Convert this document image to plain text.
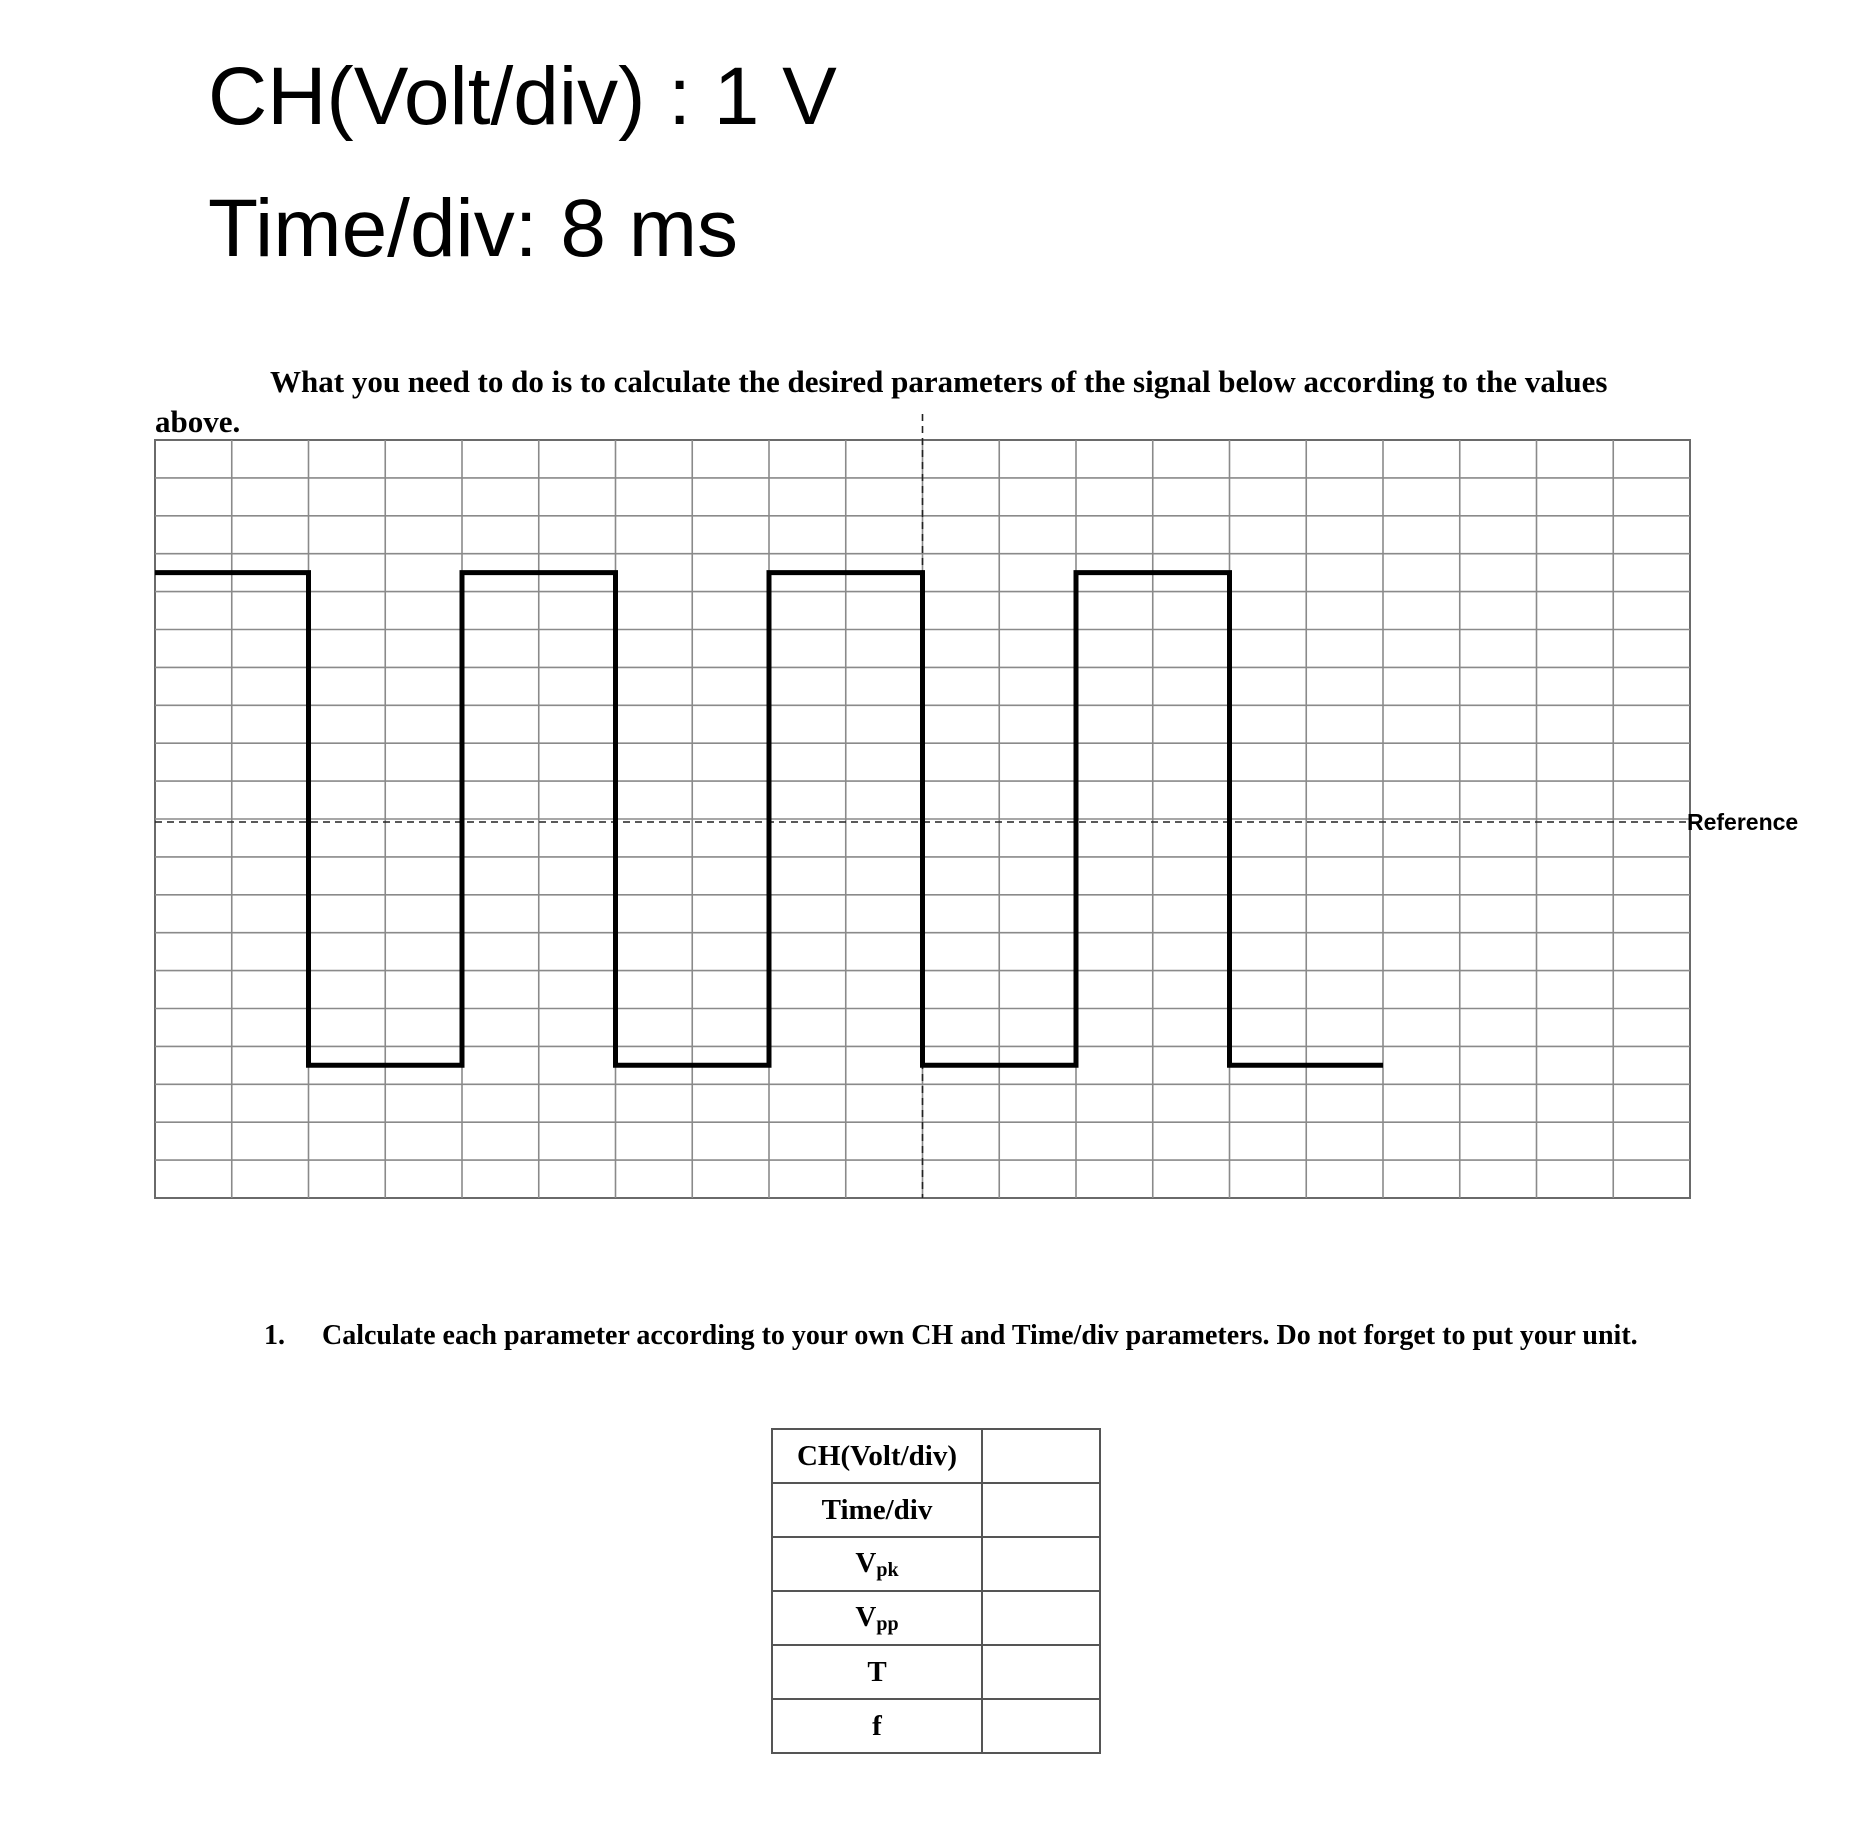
CH(Volt/div) : 1 V
Time/div: 8 ms
What you need to do is to calculate the desired parameters of the signal below according to the values above.
Reference
1.	Calculate each parameter according to your own CH and Time/div parameters. Do not forget to put your unit.
CH(Volt/div)	
Time/div	
$V_{pk}$	
$V_{pp}$	
T	
f	
